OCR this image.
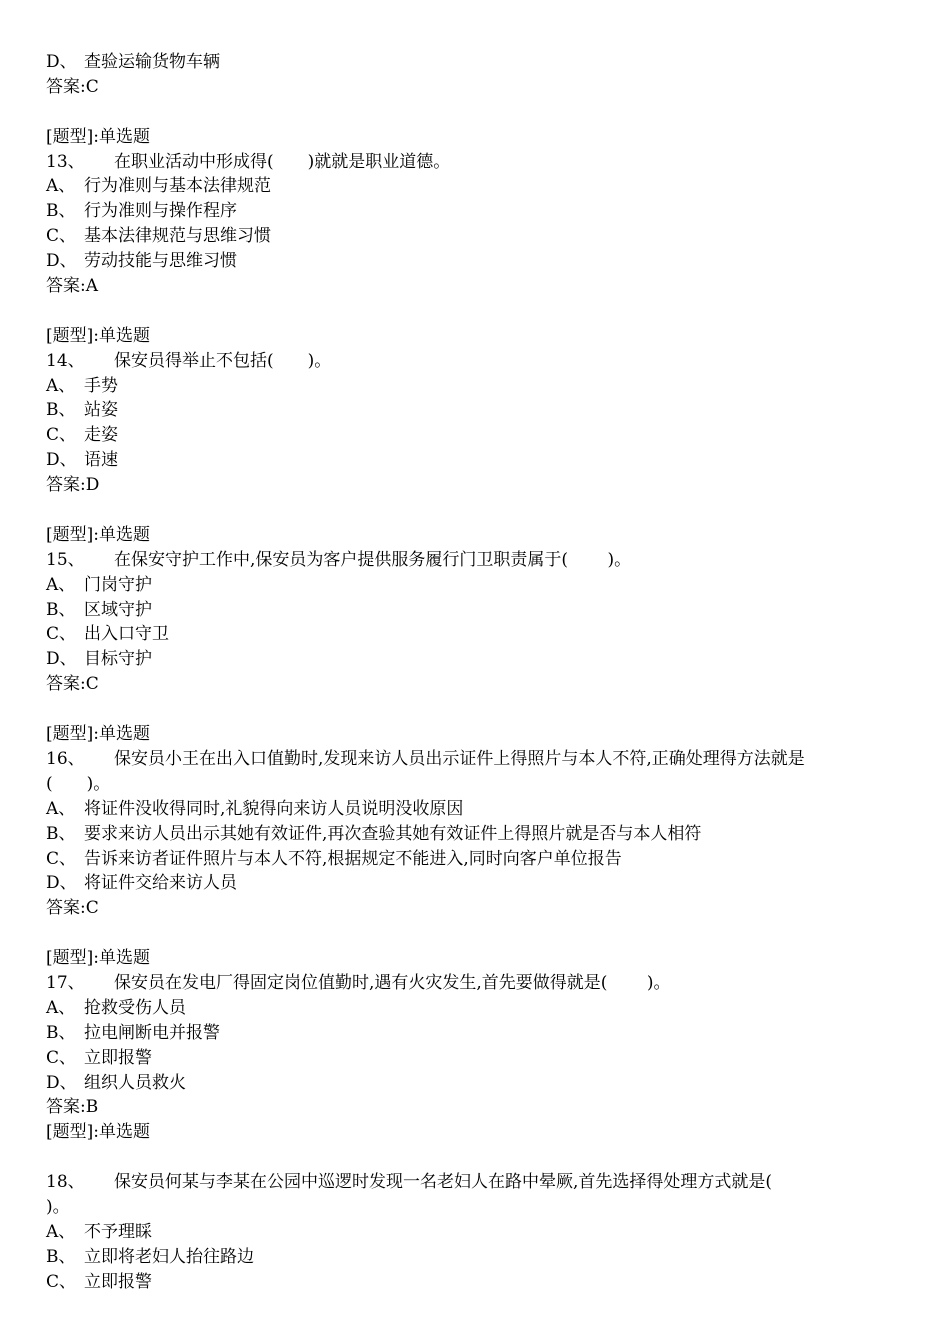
D、 查验运输货物车辆
答案:C
[题型]:单选题
13、 在职业活动中形成得(　　)就就是职业道德。
A、 行为准则与基本法律规范
B、 行为准则与操作程序
C、 基本法律规范与思维习惯
D、 劳动技能与思维习惯
答案:A
[题型]:单选题
14、 保安员得举止不包括(　　)。
A、 手势
B、 站姿
C、 走姿
D、 语速
答案:D
[题型]:单选题
15、 在保安守护工作中,保安员为客户提供服务履行门卫职责属于(　　 )。
A、 门岗守护
B、 区域守护
C、 出入口守卫
D、 目标守护
答案:C
[题型]:单选题
16、 保安员小王在出入口值勤时,发现来访人员出示证件上得照片与本人不符,正确处理得方法就是
(　　)。
A、 将证件没收得同时,礼貌得向来访人员说明没收原因
B、 要求来访人员出示其她有效证件,再次查验其她有效证件上得照片就是否与本人相符
C、 告诉来访者证件照片与本人不符,根据规定不能进入,同时向客户单位报告
D、 将证件交给来访人员
答案:C
[题型]:单选题
17、 保安员在发电厂得固定岗位值勤时,遇有火灾发生,首先要做得就是(　　 )。
A、 抢救受伤人员
B、 拉电闸断电并报警
C、 立即报警
D、 组织人员救火
答案:B
[题型]:单选题
18、 保安员何某与李某在公园中巡逻时发现一名老妇人在路中晕厥,首先选择得处理方式就是(
)。
A、 不予理睬
B、 立即将老妇人抬往路边
C、 立即报警
